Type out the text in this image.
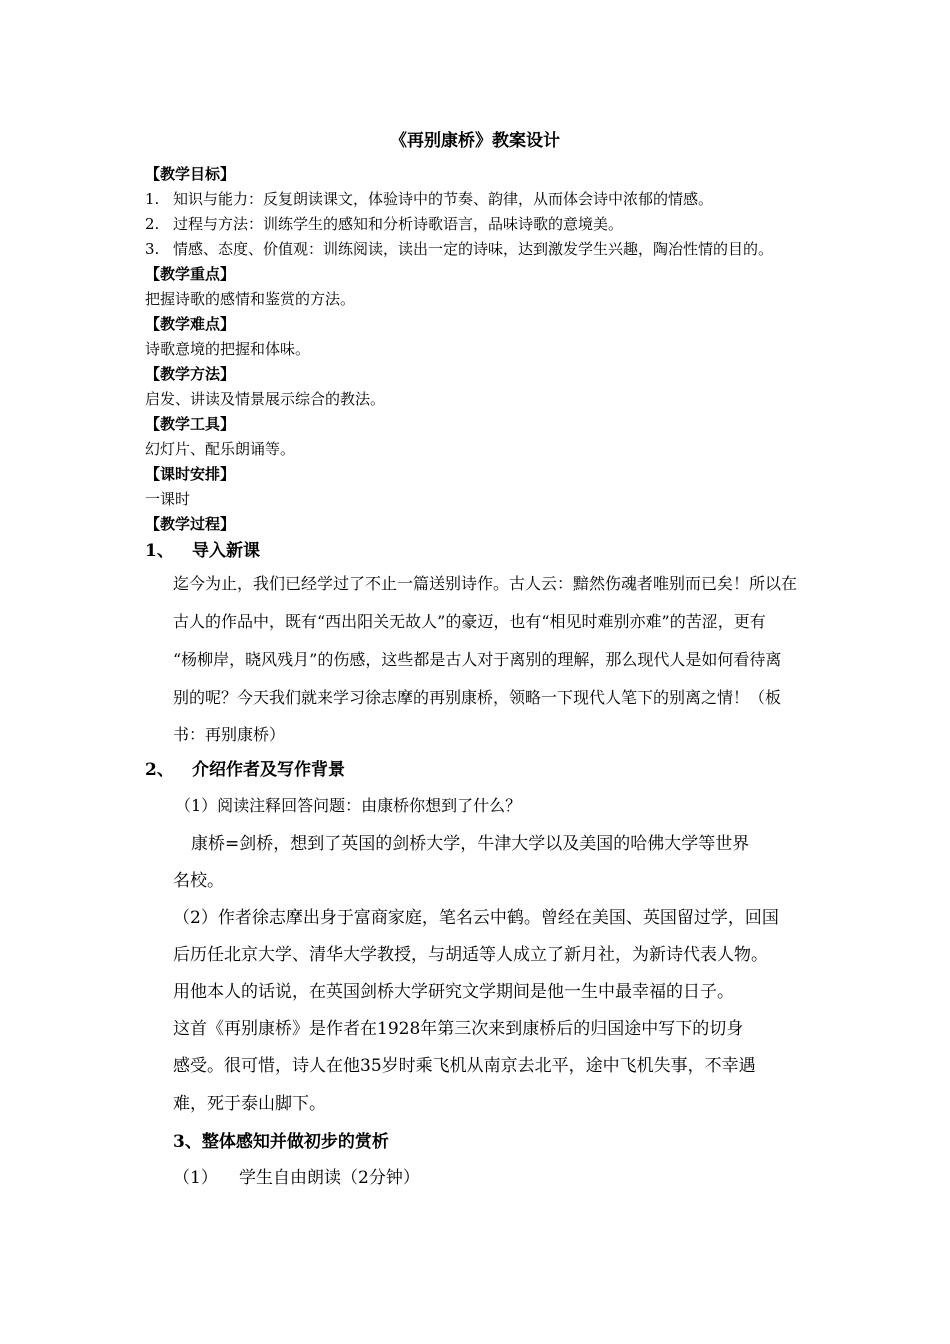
《再别康桥》教案设计
【教学目标】
1. 知识与能力：反复朗读课文，体验诗中的节奏、韵律，从而体会诗中浓郁的情感。
2. 过程与方法：训练学生的感知和分析诗歌语言，品味诗歌的意境美。
3. 情感、态度、价值观：训练阅读，读出一定的诗味，达到激发学生兴趣，陶冶性情的目的。
【教学重点】
把握诗歌的感情和鉴赏的方法。
【教学难点】
诗歌意境的把握和体味。
【教学方法】
启发、讲读及情景展示综合的教法。
【教学工具】
幻灯片、配乐朗诵等。
【课时安排】
一课时
【教学过程】
1、 导入新课
迄今为止，我们已经学过了不止一篇送别诗作。古人云：黯然伤魂者唯别而已矣！所以在
古人的作品中，既有“西出阳关无故人”的豪迈，也有“相见时难别亦难”的苦涩，更有
“杨柳岸，晓风残月”的伤感，这些都是古人对于离别的理解，那么现代人是如何看待离
别的呢？今天我们就来学习徐志摩的再别康桥，领略一下现代人笔下的别离之情！（板
书：再别康桥）
2、 介绍作者及写作背景
（1）阅读注释回答问题：由康桥你想到了什么？
康桥=剑桥，想到了英国的剑桥大学，牛津大学以及美国的哈佛大学等世界
名校。
（2）作者徐志摩出身于富商家庭，笔名云中鹤。曾经在美国、英国留过学，回国
后历任北京大学、清华大学教授，与胡适等人成立了新月社，为新诗代表人物。
用他本人的话说，在英国剑桥大学研究文学期间是他一生中最幸福的日子。
这首《再别康桥》是作者在1928年第三次来到康桥后的归国途中写下的切身
感受。很可惜，诗人在他35岁时乘飞机从南京去北平，途中飞机失事，不幸遇
难，死于泰山脚下。
3、整体感知并做初步的赏析
（1） 学生自由朗读（2分钟）
